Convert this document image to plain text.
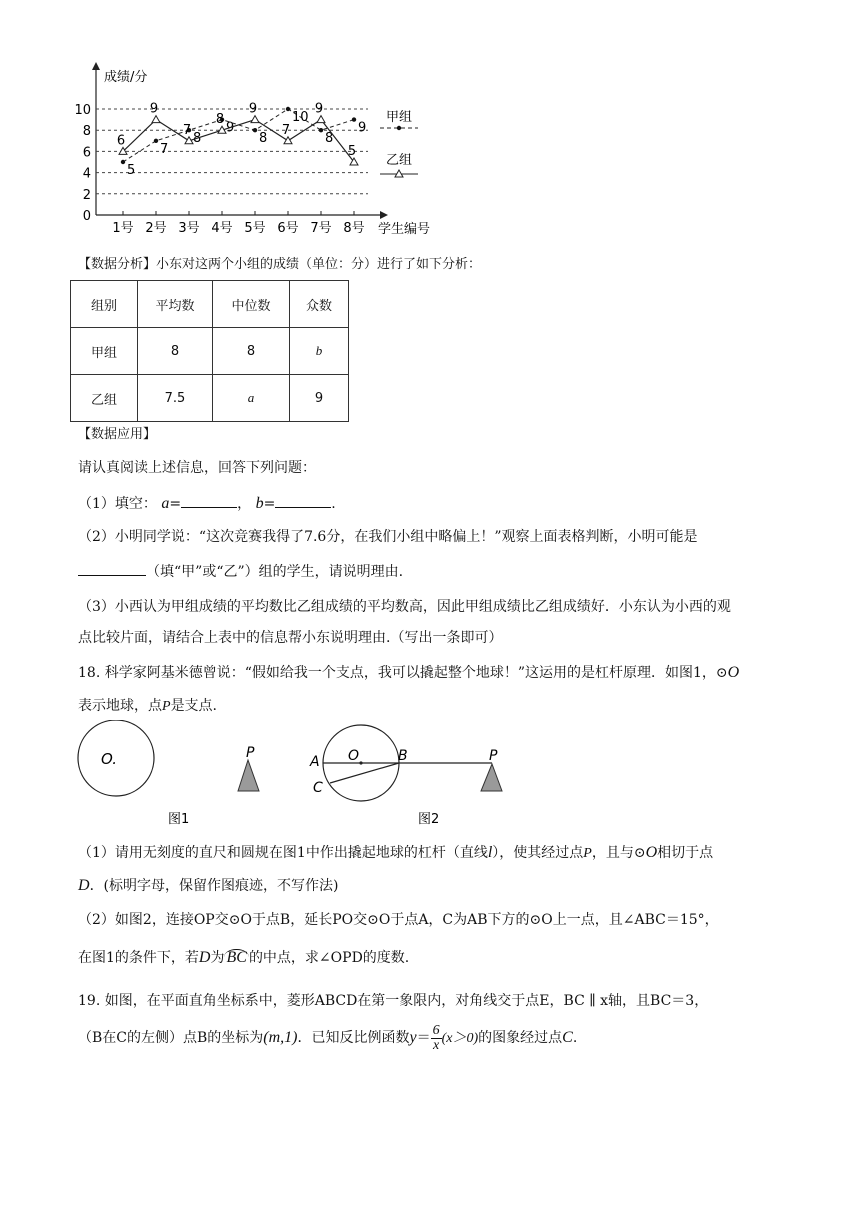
0
2
4
6
8
10
1号 2号 3号 4号 5号 6号 7号 8号
甲组
乙组
成绩/分
学生编号
5
7
8
9
8
10
8
9
6
9
7
8
9
7
9
5
【数据分析】小东对这两个小组的成绩（单位：分）进行了如下分析：
组别	平均数	中位数	众数
甲组	8	8	b
乙组	7.5	a	9
【数据应用】
请认真阅读上述信息，回答下列问题：
（1）填空： a=	， b=	.
（2）小明同学说：“这次竞赛我得了7.6分，在我们小组中略偏上！”观察上面表格判断，小明可能是
（填“甲”或“乙”）组的学生，请说明理由.
（3）小西认为甲组成绩的平均数比乙组成绩的平均数高，因此甲组成绩比乙组成绩好．小东认为小西的观
点比较片面，请结合上表中的信息帮小东说明理由.（写出一条即可）
18. 科学家阿基米德曾说：“假如给我一个支点，我可以撬起整个地球！”这运用的是杠杆原理．如图1，⊙O
表示地球，点P是支点.
O.	P
A O	B
C
P
图1	图2
（1）请用无刻度的直尺和圆规在图1中作出撬起地球的杠杆（直线l），使其经过点P，且与⊙O相切于点
D．(标明字母，保留作图痕迹，不写作法)
（2）如图2，连接OP交⊙O于点B，延长PO交⊙O于点A，C为AB下方的⊙O上一点，且∠ABC＝15°，
在图1的条件下，若D为 BC 的中点，求∠OPD的度数.
19. 如图，在平面直角坐标系中，菱形ABCD在第一象限内，对角线交于点E，BC ∥ x轴，且BC＝3，
（B在C的左侧）点B的坐标为(m,1)．已知反比例函数$y= \frac{6}{x} (x>0)$的图象经过点C.
